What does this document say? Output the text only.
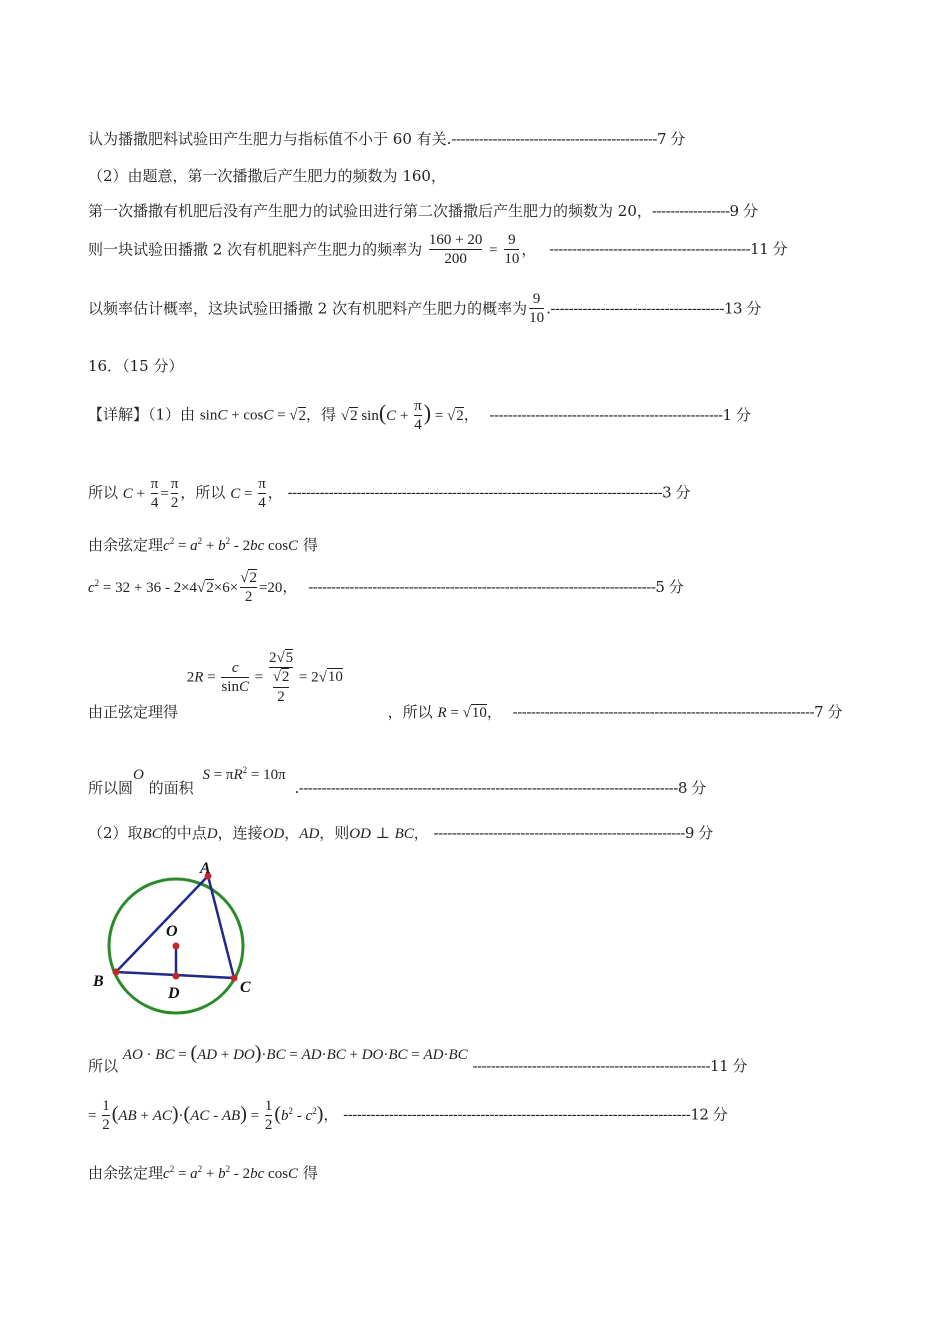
认为播撒肥料试验田产生肥力与指标值不小于 60 有关.---------------------------------------------7 分
（2）由题意，第一次播撒后产生肥力的频数为 160，
第一次播撒有机肥后没有产生肥力的试验田进行第二次播撒后产生肥力的频数为 20，-----------------9 分
则一块试验田播撒 2 次有机肥料产生肥力的频率为 $\frac{160 + 20}{200} = \frac{9}{10}$ ， --------------------------------------------11 分
以频率估计概率，这块试验田播撒 2 次有机肥料产生肥力的概率为 $\frac{9}{10} .--------------------------------------13$ 分
16．（15 分）
【详解】（1）由 sinC + cosC = √2，得 √2 $\sin(C + \frac{\pi}{4}$ ) = √2， ---------------------------------------------------1 分
所以 $C + \frac{\pi}{4} = \frac{\pi}{2}$ ，所以 $C = \frac{\pi}{4}$ ， ----------------------------------------------------------------------------------3 分
由余弦定理$c^2 = a^2 + b^2 - 2bc$ cosC 得
$c^2 = 32 + 36 - 2\times 4√2\times 6\times \frac{√2}{2} =20$， ----------------------------------------------------------------------------5 分
由正弦定理得 $2R = \frac{c}{\sin C} = \frac{2√5}{\frac{√2}{2}} = 2√10$ ，所以 R = √10， ------------------------------------------------------------------7 分
所以圆O 的面积 $S = \pi R^2 = 10\pi$ .-----------------------------------------------------------------------------------8 分
（2）取BC的中点D，连接OD，AD，则OD ⊥ BC， -------------------------------------------------------9 分
A
O
B
D	C
所以 AO · BC = (AD + DO)·BC = AD·BC + DO·BC = AD·BC ----------------------------------------------------11 分
= $\frac{1}{2} (AB + AC)\cdot(AC - AB) = \frac{1}{2} (b^2 - c^2)$， ----------------------------------------------------------------------------12 分
由余弦定理$c^2 = a^2 + b^2 - 2bc$ cosC 得
